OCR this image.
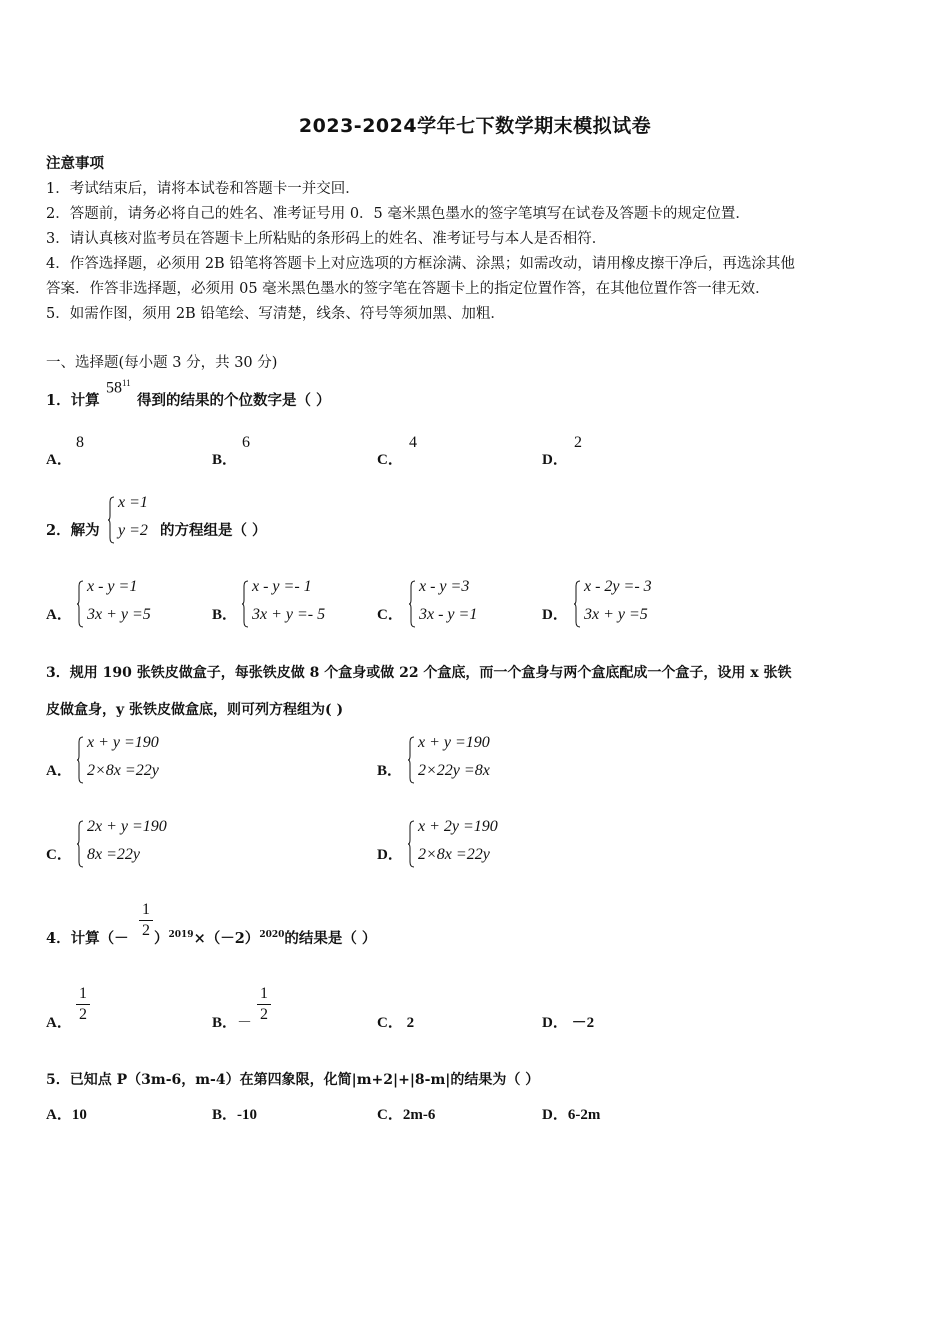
2023-2024学年七下数学期末模拟试卷
注意事项
1．考试结束后，请将本试卷和答题卡一并交回．
2．答题前，请务必将自己的姓名、准考证号用 0．5 毫米黑色墨水的签字笔填写在试卷及答题卡的规定位置．
3．请认真核对监考员在答题卡上所粘贴的条形码上的姓名、准考证号与本人是否相符．
4．作答选择题，必须用 2B 铅笔将答题卡上对应选项的方框涂满、涂黑；如需改动，请用橡皮擦干净后，再选涂其他
答案．作答非选择题，必须用 05 毫米黑色墨水的签字笔在答题卡上的指定位置作答，在其他位置作答一律无效．
5．如需作图，须用 2B 铅笔绘、写清楚，线条、符号等须加黑、加粗．
一、选择题(每小题 3 分，共 30 分)
1．计算
$58^{11}$
得到的结果的个位数字是（ ）
A．
8
B．
6
C．
4
D．
2
2．解为
x =1
y =2 的方程组是（ ）
A．
x - y =1
3x + y =5	B．
x - y =- 1
3x + y =- 5	C．
x - y =3
3x - y =1	D．
x - 2y =- 3
3x + y =5
3．规用 190 张铁皮做盒子，每张铁皮做 8 个盒身或做 22 个盒底，而一个盒身与两个盒底配成一个盒子，设用 x 张铁
皮做盒身，y 张铁皮做盒底，则可列方程组为( )
A．
x + y =190
2×8x =22y	B．
x + y =190
2×22y =8x
C．
2x + y =190
8x =22y	D．
x + 2y =190
2×8x =22y
4．计算（－
1
2 ）$^{2019}\times(-2)^{2020}$的结果是（ ）
A．
1
2	B．－
1
2	C． 2	D． －2
5．已知点 P（3m-6，m-4）在第四象限，化简|m+2|+|8-m|的结果为（ ）
A．10	B．-10	C．2m-6	D．6-2m
